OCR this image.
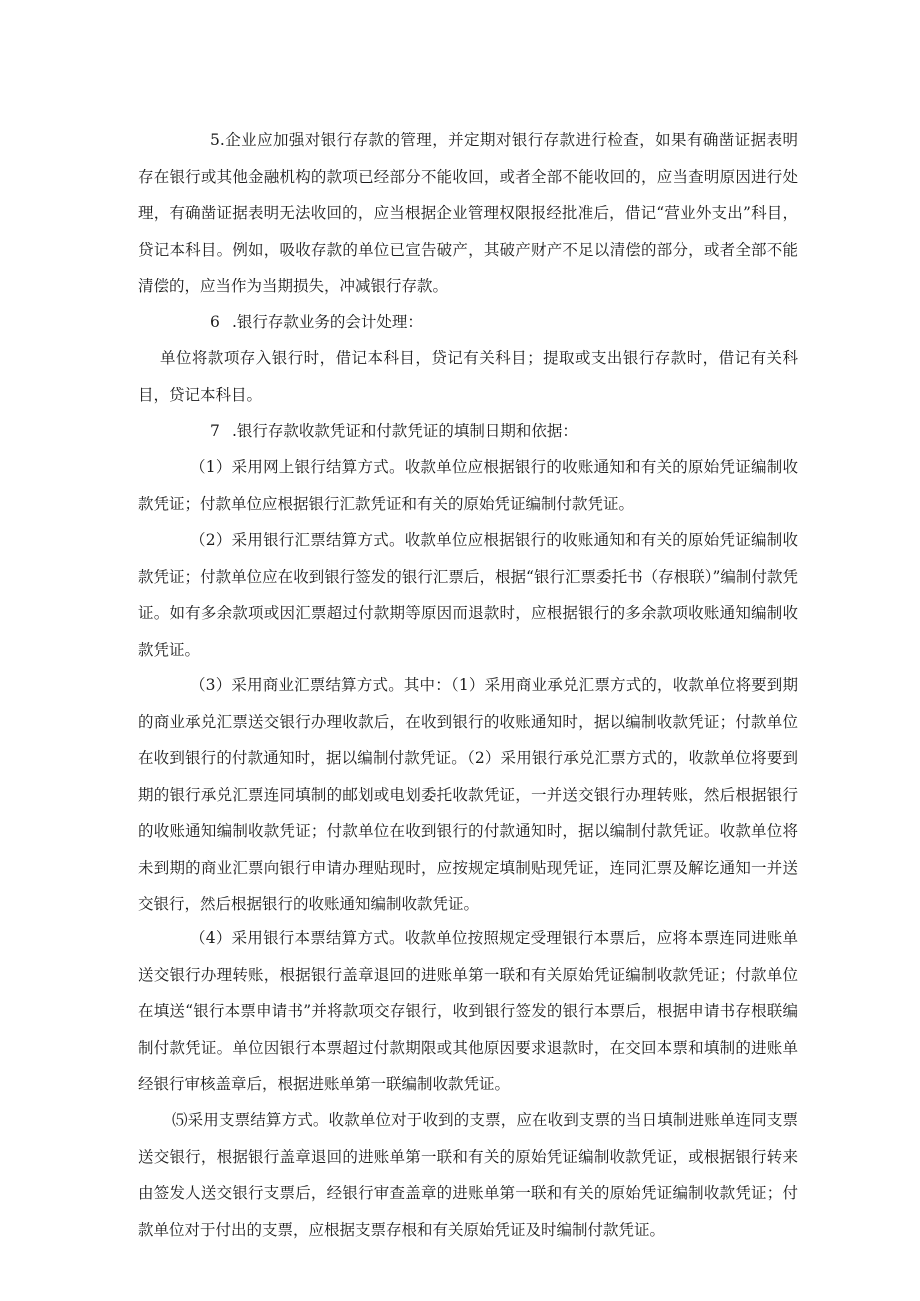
5.企业应加强对银行存款的管理，并定期对银行存款进行检查，如果有确凿证据表明存在银行或其他金融机构的款项已经部分不能收回，或者全部不能收回的，应当查明原因进行处理，有确凿证据表明无法收回的，应当根据企业管理权限报经批准后，借记“营业外支出”科目，贷记本科目。例如，吸收存款的单位已宣告破产，其破产财产不足以清偿的部分，或者全部不能清偿的，应当作为当期损失，冲减银行存款。

6 .银行存款业务的会计处理：

单位将款项存入银行时，借记本科目，贷记有关科目；提取或支出银行存款时，借记有关科目，贷记本科目。

7 .银行存款收款凭证和付款凭证的填制日期和依据：

（1）采用网上银行结算方式。收款单位应根据银行的收账通知和有关的原始凭证编制收款凭证；付款单位应根据银行汇款凭证和有关的原始凭证编制付款凭证。

（2）采用银行汇票结算方式。收款单位应根据银行的收账通知和有关的原始凭证编制收款凭证；付款单位应在收到银行签发的银行汇票后，根据“银行汇票委托书（存根联）”编制付款凭证。如有多余款项或因汇票超过付款期等原因而退款时，应根据银行的多余款项收账通知编制收款凭证。

（3）采用商业汇票结算方式。其中：（1）采用商业承兑汇票方式的，收款单位将要到期的商业承兑汇票送交银行办理收款后，在收到银行的收账通知时，据以编制收款凭证；付款单位在收到银行的付款通知时，据以编制付款凭证。（2）采用银行承兑汇票方式的，收款单位将要到期的银行承兑汇票连同填制的邮划或电划委托收款凭证，一并送交银行办理转账，然后根据银行的收账通知编制收款凭证；付款单位在收到银行的付款通知时，据以编制付款凭证。收款单位将未到期的商业汇票向银行申请办理贴现时，应按规定填制贴现凭证，连同汇票及解讫通知一并送交银行，然后根据银行的收账通知编制收款凭证。

（4）采用银行本票结算方式。收款单位按照规定受理银行本票后，应将本票连同进账单送交银行办理转账，根据银行盖章退回的进账单第一联和有关原始凭证编制收款凭证；付款单位在填送“银行本票申请书”并将款项交存银行，收到银行签发的银行本票后，根据申请书存根联编制付款凭证。单位因银行本票超过付款期限或其他原因要求退款时，在交回本票和填制的进账单经银行审核盖章后，根据进账单第一联编制收款凭证。

⑸采用支票结算方式。收款单位对于收到的支票，应在收到支票的当日填制进账单连同支票送交银行，根据银行盖章退回的进账单第一联和有关的原始凭证编制收款凭证，或根据银行转来由签发人送交银行支票后，经银行审查盖章的进账单第一联和有关的原始凭证编制收款凭证；付款单位对于付出的支票，应根据支票存根和有关原始凭证及时编制付款凭证。
